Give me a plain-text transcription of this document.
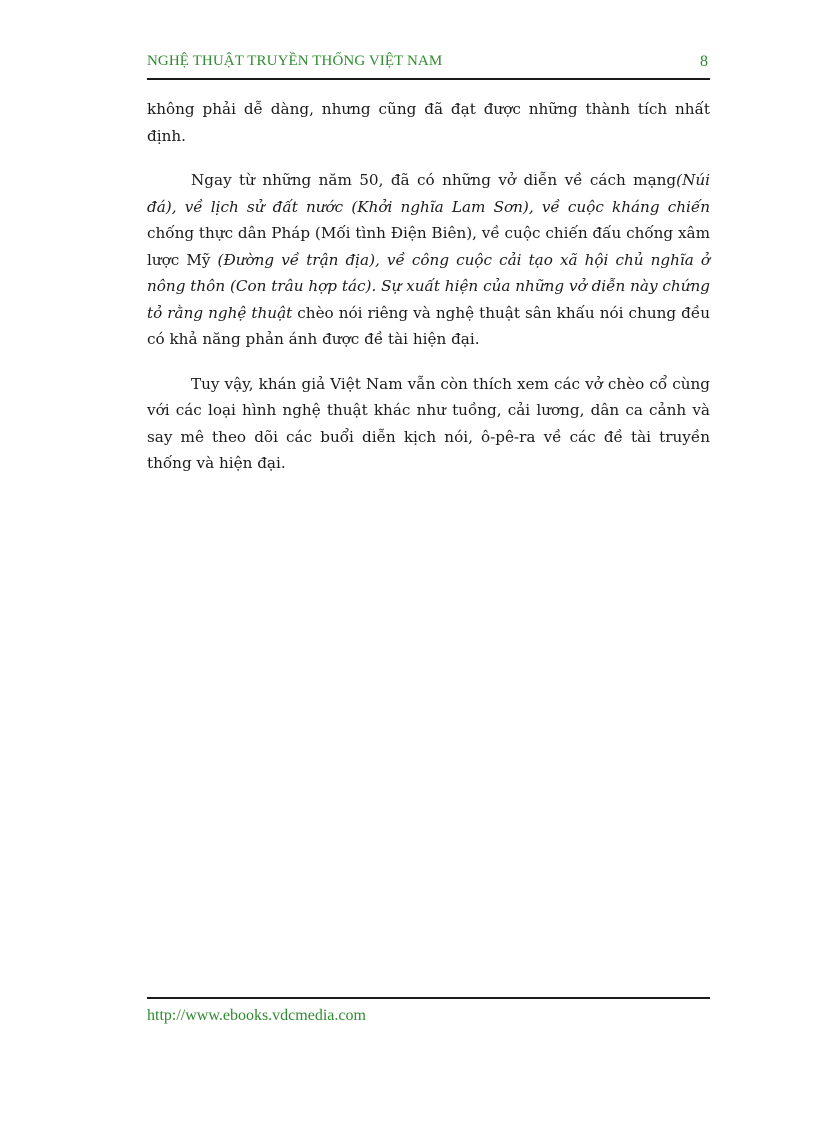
NGHỆ THUẬT TRUYỀN THỐNG VIỆT NAM	8

không phải dễ dàng, nhưng cũng đã đạt được những thành tích nhất định.

Ngay từ những năm 50, đã có những vở diễn về cách mạng(Núi đá), về lịch sử đất nước (Khởi nghĩa Lam Sơn), về cuộc kháng chiến chống thực dân Pháp (Mối tình Điện Biên), về cuộc chiến đấu chống xâm lược Mỹ (Đường về trận địa), về công cuộc cải tạo xã hội chủ nghĩa ở nông thôn (Con trâu hợp tác). Sự xuất hiện của những vở diễn này chứng tỏ rằng nghệ thuật chèo nói riêng và nghệ thuật sân khấu nói chung đều có khả năng phản ánh được đề tài hiện đại.

Tuy vậy, khán giả Việt Nam vẫn còn thích xem các vở chèo cổ cùng với các loại hình nghệ thuật khác như tuồng, cải lương, dân ca cảnh và say mê theo dõi các buổi diễn kịch nói, ô-pê-ra về các đề tài truyền thống và hiện đại.

http://www.ebooks.vdcmedia.com
